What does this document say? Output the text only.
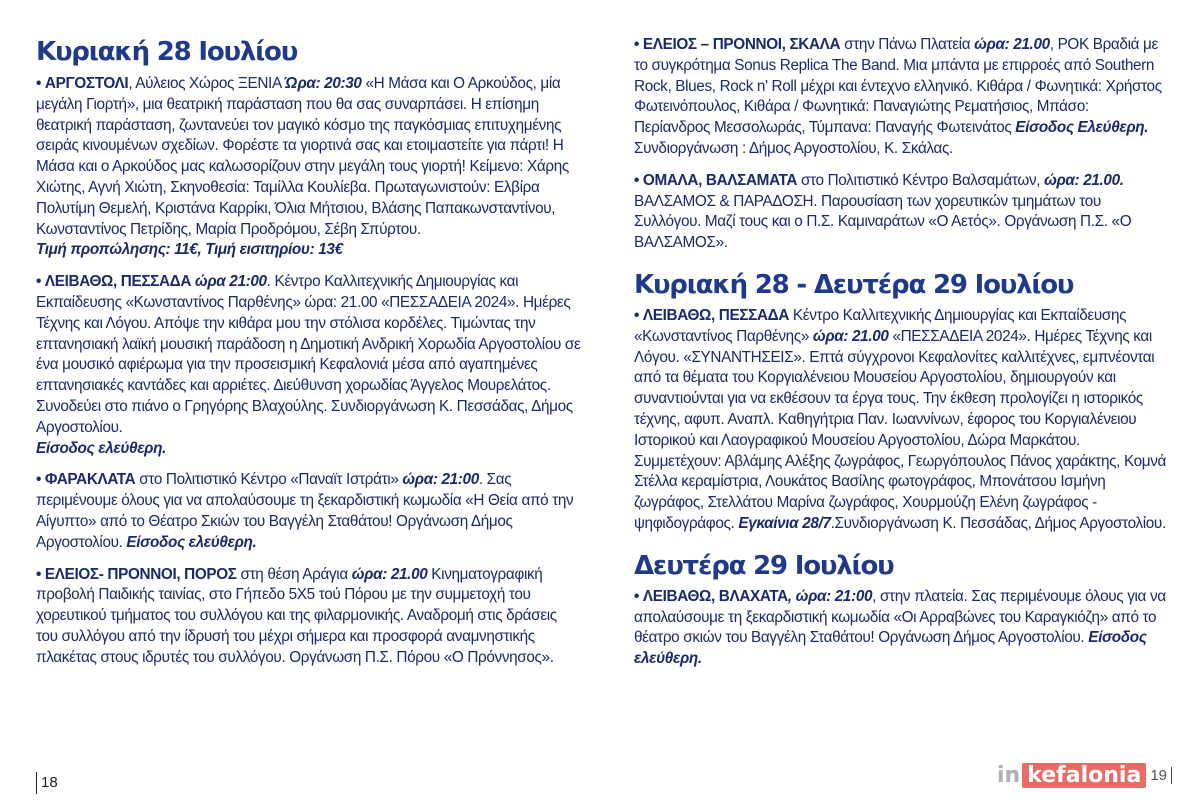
Κυριακή 28 Ιουλίου

• ΑΡΓΟΣΤΟΛΙ, Αύλειος Χώρος ΞΕΝΙΑ Ώρα: 20:30 «Η Μάσα και Ο Αρκούδος, μία μεγάλη Γιορτή», μια θεατρική παράσταση που θα σας συναρπάσει. Η επίσημη θεατρική παράσταση, ζωντανεύει τον μαγικό κόσμο της παγκόσμιας επιτυχημένης σειράς κινουμένων σχεδίων. Φορέστε τα γιορτινά σας και ετοιμαστείτε για πάρτι! Η Μάσα και ο Αρκούδος μας καλωσορίζουν στην μεγάλη τους γιορτή! Κείμενο: Χάρης Χιώτης, Αγνή Χιώτη, Σκηνοθεσία: Ταμίλλα Κουλίεβα. Πρωταγωνιστούν: Ελβίρα Πολυτίμη Θεμελή, Κριστάνα Καρρίκι, Όλια Μήτσιου, Βλάσης Παπακωνσταντίνου, Κωνσταντίνος Πετρίδης, Μαρία Προδρόμου, Σέβη Σπύρτου.

Τιμή προπώλησης: 11€, Τιμή εισιτηρίου: 13€

• ΛΕΙΒΑΘΩ, ΠΕΣΣΑΔΑ ώρα 21:00. Κέντρο Καλλιτεχνικής Δημιουργίας και Εκπαίδευσης «Κωνσταντίνος Παρθένης» ώρα: 21.00 «ΠΕΣΣΑΔΕΙΑ 2024». Ημέρες Τέχνης και Λόγου. Απόψε την κιθάρα μου την στόλισα κορδέλες. Τιμώντας την επτανησιακή λαϊκή μουσική παράδοση η Δημοτική Ανδρική Χορωδία Αργοστολίου σε ένα μουσικό αφιέρωμα για την προσεισμική Κεφαλονιά μέσα από αγαπημένες επτανησιακές καντάδες και αρριέτες. Διεύθυνση χορωδίας Άγγελος Μουρελάτος. Συνοδεύει στο πιάνο ο Γρηγόρης Βλαχούλης. Συνδιοργάνωση Κ. Πεσσάδας, Δήμος Αργοστολίου.

Είσοδος ελεύθερη.

• ΦΑΡΑΚΛΑΤΑ στο Πολιτιστικό Κέντρο «Παναϊτ Ιστράτι» ώρα: 21:00. Σας περιμένουμε όλους για να απολαύσουμε τη ξεκαρδιστική κωμωδία «Η Θεία από την Αίγυπτο» από το Θέατρο Σκιών του Βαγγέλη Σταθάτου! Οργάνωση Δήμος Αργοστολίου. Είσοδος ελεύθερη.

• ΕΛΕΙΟΣ- ΠΡΟΝΝΟΙ, ΠΟΡΟΣ στη θέση Αράγια ώρα: 21.00 Κινηματογραφική προβολή Παιδικής ταινίας, στο Γήπεδο 5Χ5 τού Πόρου με την συμμετοχή του χορευτικού τμήματος του συλλόγου και της φιλαρμονικής. Αναδρομή στις δράσεις του συλλόγου από την ίδρυσή του μέχρι σήμερα και προσφορά αναμνηστικής πλακέτας στους ιδρυτές του συλλόγου. Οργάνωση Π.Σ. Πόρου «Ο Πρόννησος».

• ΕΛΕΙΟΣ – ΠΡΟΝΝΟΙ, ΣΚΑΛΑ στην Πάνω Πλατεία ώρα: 21.00, ΡΟΚ Βραδιά με το συγκρότημα Sonus Replica The Band. Μια μπάντα με επιρροές από Southern Rock, Blues, Rock n' Roll μέχρι και έντεχνο ελληνικό. Κιθάρα / Φωνητικά: Χρήστος Φωτεινόπουλος, Κιθάρα / Φωνητικά: Παναγιώτης Ρεματήσιος, Μπάσο: Περίανδρος Μεσσολωράς, Τύμπανα: Παναγής Φωτεινάτος Είσοδος Ελεύθερη. Συνδιοργάνωση : Δήμος Αργοστολίου, Κ. Σκάλας.

• ΟΜΑΛΑ, ΒΑΛΣΑΜΑΤΑ στο Πολιτιστικό Κέντρο Βαλσαμάτων, ώρα: 21.00. ΒΑΛΣΑΜΟΣ & ΠΑΡΑΔΟΣΗ. Παρουσίαση των χορευτικών τμημάτων του Συλλόγου. Μαζί τους και ο Π.Σ. Καμιναράτων «Ο Αετός». Οργάνωση Π.Σ. «Ο ΒΑΛΣΑΜΟΣ».

Κυριακή 28 - Δευτέρα 29 Ιουλίου

• ΛΕΙΒΑΘΩ, ΠΕΣΣΑΔΑ Κέντρο Καλλιτεχνικής Δημιουργίας και Εκπαίδευσης «Κωνσταντίνος Παρθένης» ώρα: 21.00 «ΠΕΣΣΑΔΕΙΑ 2024». Ημέρες Τέχνης και Λόγου. «ΣΥΝΑΝΤΗΣΕΙΣ». Επτά σύγχρονοι Κεφαλονίτες καλλιτέχνες, εμπνέονται από τα θέματα του Κοργιαλένειου Μουσείου Αργοστολίου, δημιουργούν και συναντιούνται για να εκθέσουν τα έργα τους. Την έκθεση προλογίζει η ιστορικός τέχνης, αφυπ. Αναπλ. Καθηγήτρια Παν. Ιωαννίνων, έφορος του Κοργιαλένειου Ιστορικού και Λαογραφικού Μουσείου Αργοστολίου, Δώρα Μαρκάτου. Συμμετέχουν: Αβλάμης Αλέξης ζωγράφος, Γεωργόπουλος Πάνος χαράκτης, Κομνά Στέλλα κεραμίστρια, Λουκάτος Βασίλης φωτογράφος, Μποvάτσου Ισμήνη ζωγράφος, Στελλάτου Μαρίνα ζωγράφος, Χουρμούζη Ελένη ζωγράφος - ψηφιδογράφος. Εγκαίνια 28/7.Συνδιοργάνωση Κ. Πεσσάδας, Δήμος Αργοστολίου.

Δευτέρα 29 Ιουλίου

• ΛΕΙΒΑΘΩ, ΒΛΑΧΑΤΑ, ώρα: 21:00, στην πλατεία. Σας περιμένουμε όλους για να απολαύσουμε τη ξεκαρδιστική κωμωδία «Οι Αρραβώνες του Καραγκιόζη» από το θέατρο σκιών του Βαγγέλη Σταθάτου! Οργάνωση Δήμος Αργοστολίου. Είσοδος ελεύθερη.

18	in kefalonia 19
